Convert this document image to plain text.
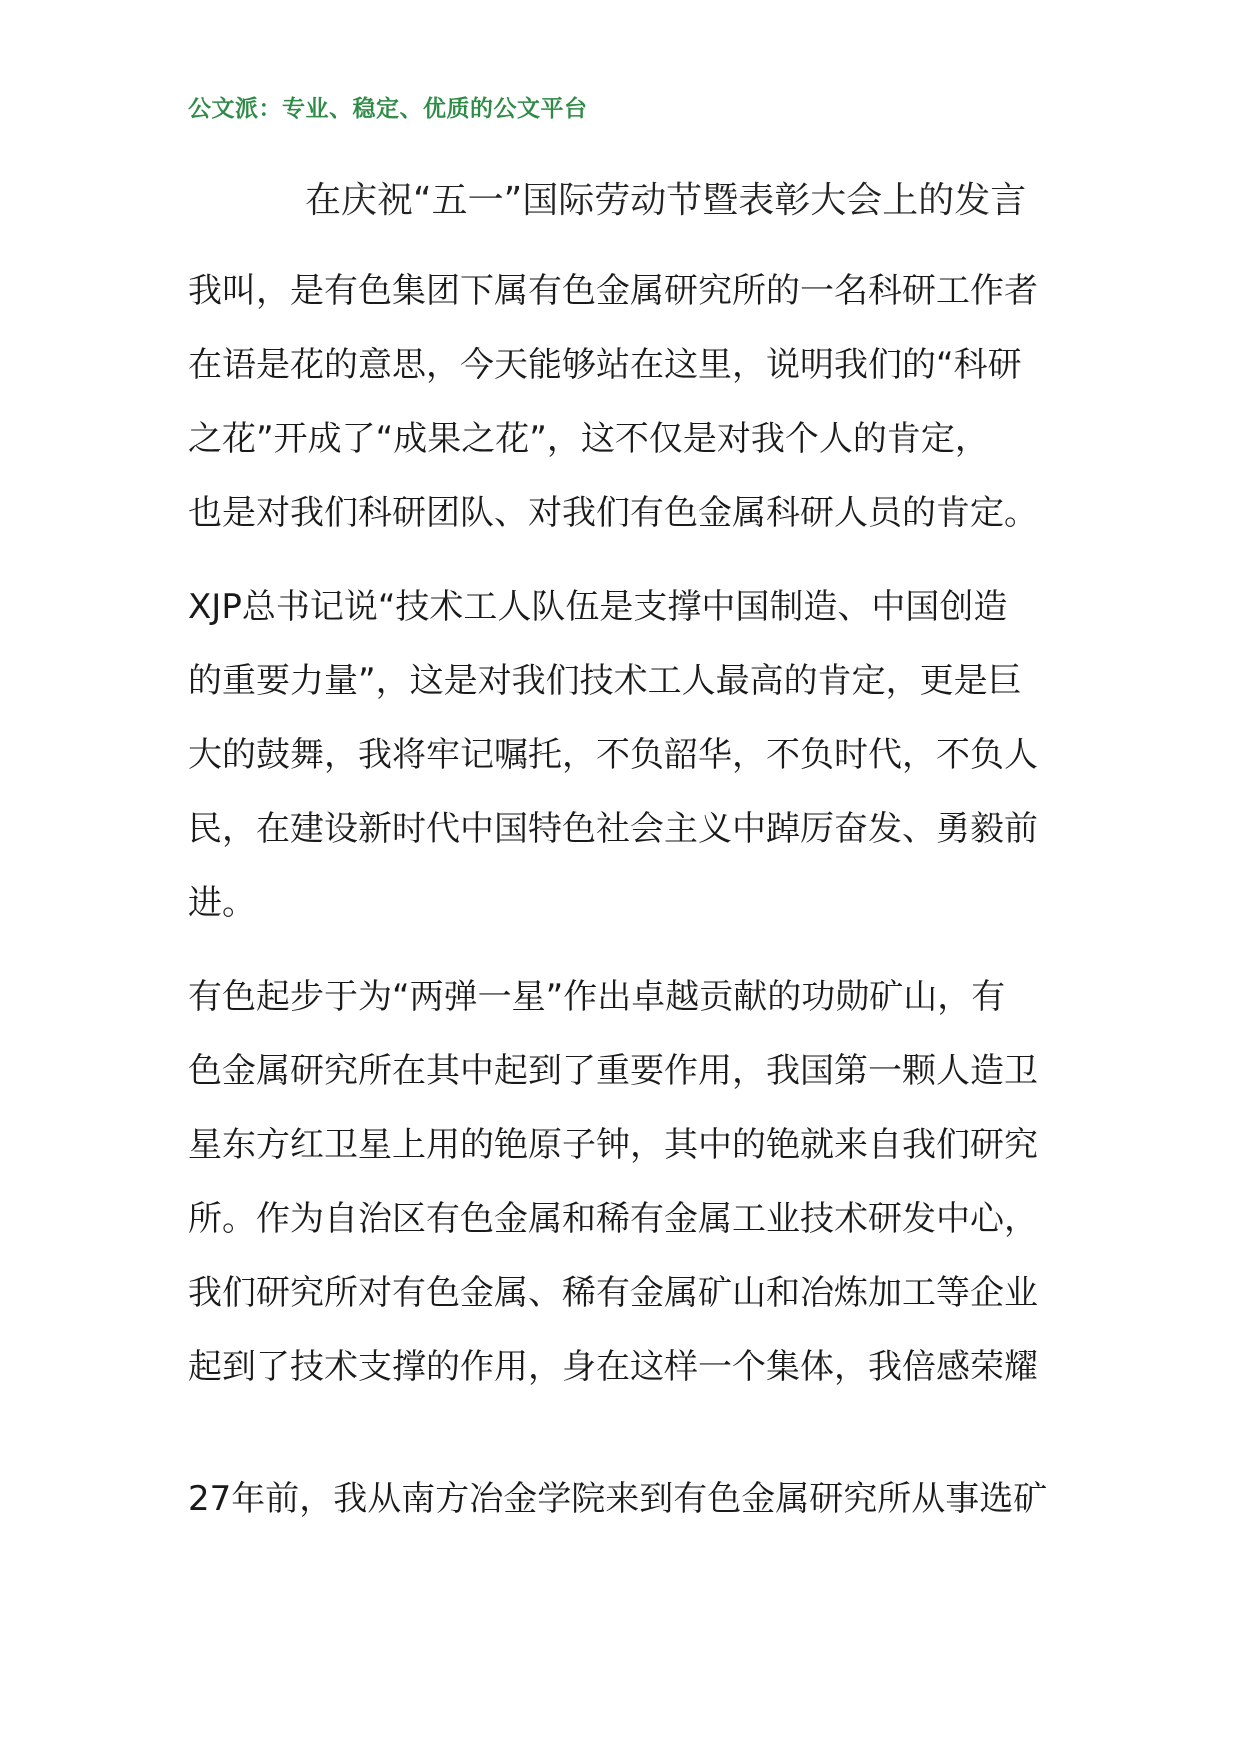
公文派：专业、稳定、优质的公文平台
在庆祝“五一”国际劳动节暨表彰大会上的发言
我叫，是有色集团下属有色金属研究所的一名科研工作者
在语是花的意思，今天能够站在这里，说明我们的“科研
之花”开成了“成果之花”，这不仅是对我个人的肯定，
也是对我们科研团队、对我们有色金属科研人员的肯定。
XJP总书记说“技术工人队伍是支撑中国制造、中国创造
的重要力量”，这是对我们技术工人最高的肯定，更是巨
大的鼓舞，我将牢记嘱托，不负韶华，不负时代，不负人
民，在建设新时代中国特色社会主义中踔厉奋发、勇毅前
进。
有色起步于为“两弹一星”作出卓越贡献的功勋矿山，有
色金属研究所在其中起到了重要作用，我国第一颗人造卫
星东方红卫星上用的铯原子钟，其中的铯就来自我们研究
所。作为自治区有色金属和稀有金属工业技术研发中心，
我们研究所对有色金属、稀有金属矿山和冶炼加工等企业
起到了技术支撑的作用，身在这样一个集体，我倍感荣耀
27年前，我从南方冶金学院来到有色金属研究所从事选矿
